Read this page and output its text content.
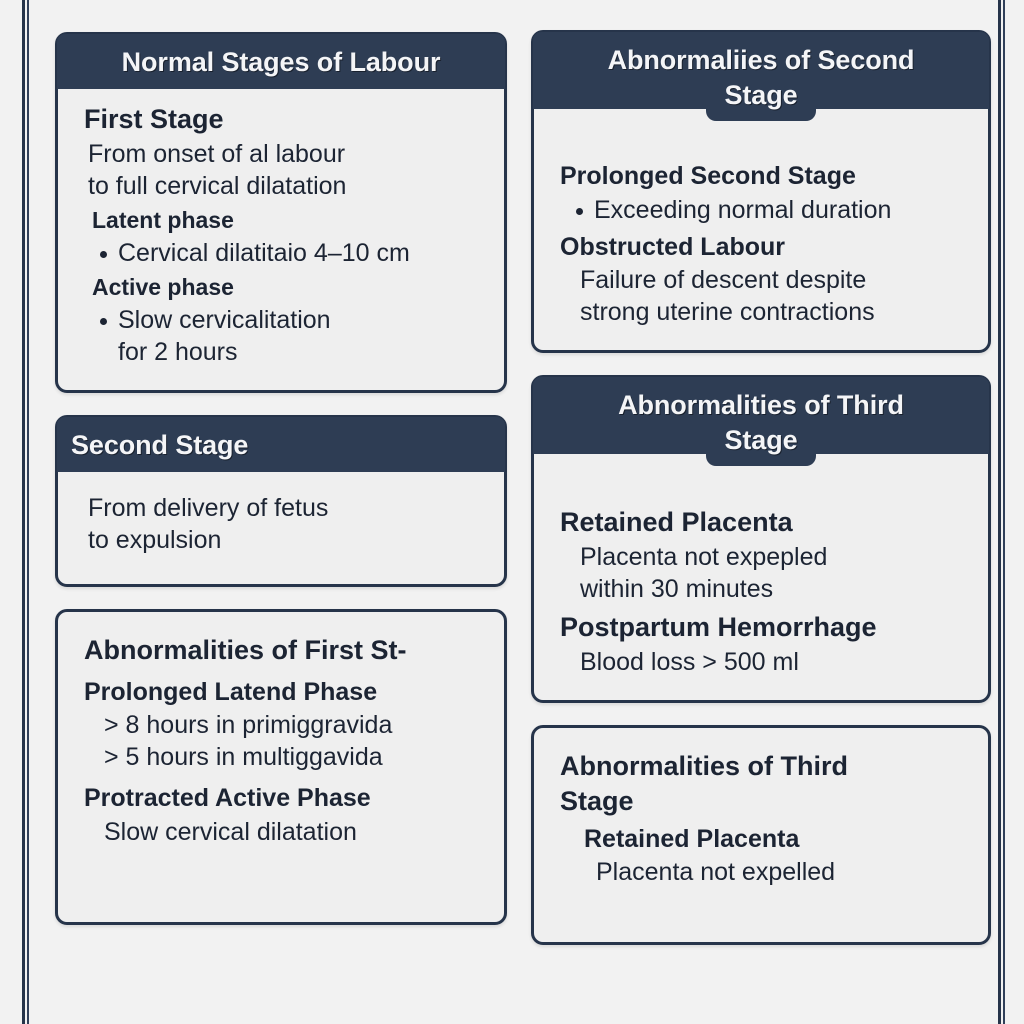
Normal Stages of Labour
First Stage
From onset of al labour
to full cervical dilatation
Latent phase
Cervical dilatitaio 4–10 cm
Active phase
Slow cervicalitation
for 2 hours
Second Stage
From delivery of fetus
to expulsion
Abnormalities of First St-
Prolonged Latend Phase
> 8 hours in primiggravida
> 5 hours in multiggavida
Protracted Active Phase
Slow cervical dilatation
Abnormaliies of Second
Stage
Prolonged Second Stage
Exceeding normal duration
Obstructed Labour
Failure of descent despite
strong uterine contractions
Abnormalities of Third
Stage
Retained Placenta
Placenta not expepled
within 30 minutes
Postpartum Hemorrhage
Blood loss > 500 ml
Abnormalities of Third
Stage
Retained Placenta
Placenta not expelled
